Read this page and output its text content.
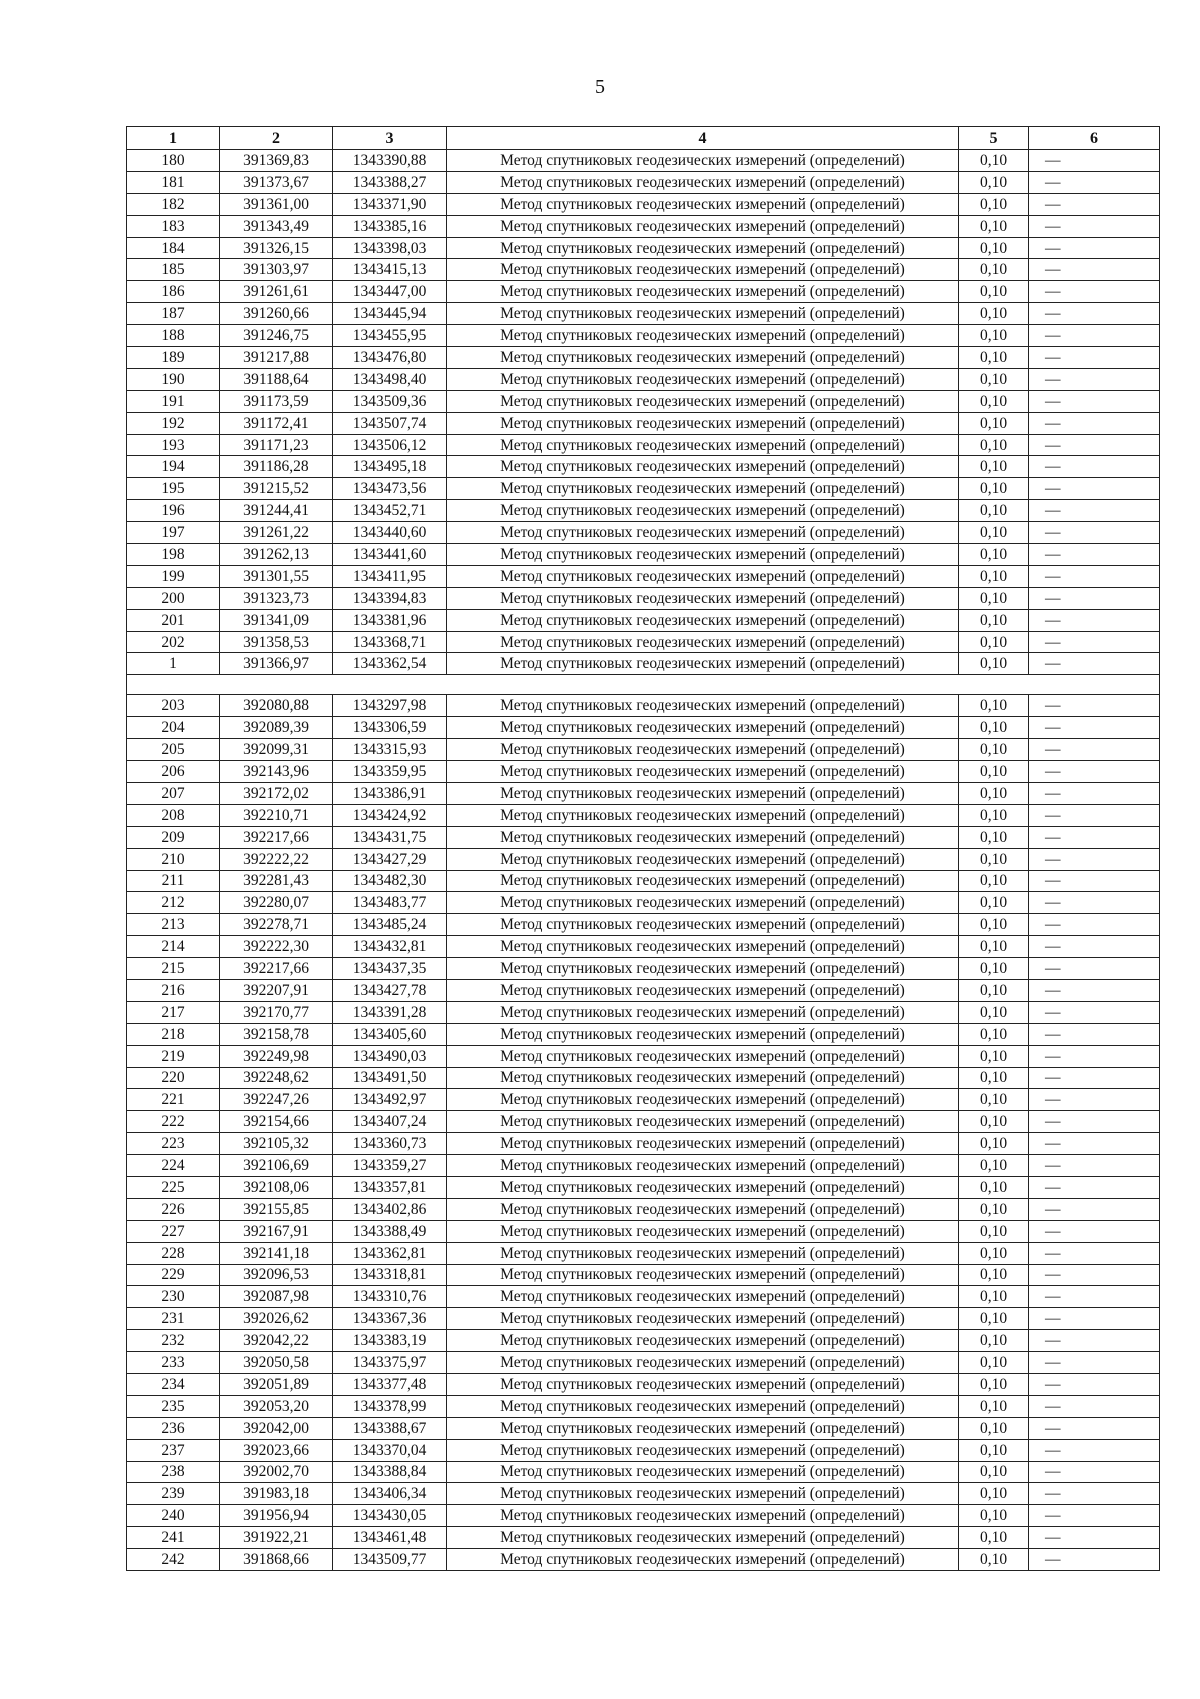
5
1	2	3	4	5	6
180	391369,83	1343390,88	Метод спутниковых геодезических измерений (определений)	0,10	—
181	391373,67	1343388,27	Метод спутниковых геодезических измерений (определений)	0,10	—
182	391361,00	1343371,90	Метод спутниковых геодезических измерений (определений)	0,10	—
183	391343,49	1343385,16	Метод спутниковых геодезических измерений (определений)	0,10	—
184	391326,15	1343398,03	Метод спутниковых геодезических измерений (определений)	0,10	—
185	391303,97	1343415,13	Метод спутниковых геодезических измерений (определений)	0,10	—
186	391261,61	1343447,00	Метод спутниковых геодезических измерений (определений)	0,10	—
187	391260,66	1343445,94	Метод спутниковых геодезических измерений (определений)	0,10	—
188	391246,75	1343455,95	Метод спутниковых геодезических измерений (определений)	0,10	—
189	391217,88	1343476,80	Метод спутниковых геодезических измерений (определений)	0,10	—
190	391188,64	1343498,40	Метод спутниковых геодезических измерений (определений)	0,10	—
191	391173,59	1343509,36	Метод спутниковых геодезических измерений (определений)	0,10	—
192	391172,41	1343507,74	Метод спутниковых геодезических измерений (определений)	0,10	—
193	391171,23	1343506,12	Метод спутниковых геодезических измерений (определений)	0,10	—
194	391186,28	1343495,18	Метод спутниковых геодезических измерений (определений)	0,10	—
195	391215,52	1343473,56	Метод спутниковых геодезических измерений (определений)	0,10	—
196	391244,41	1343452,71	Метод спутниковых геодезических измерений (определений)	0,10	—
197	391261,22	1343440,60	Метод спутниковых геодезических измерений (определений)	0,10	—
198	391262,13	1343441,60	Метод спутниковых геодезических измерений (определений)	0,10	—
199	391301,55	1343411,95	Метод спутниковых геодезических измерений (определений)	0,10	—
200	391323,73	1343394,83	Метод спутниковых геодезических измерений (определений)	0,10	—
201	391341,09	1343381,96	Метод спутниковых геодезических измерений (определений)	0,10	—
202	391358,53	1343368,71	Метод спутниковых геодезических измерений (определений)	0,10	—
1	391366,97	1343362,54	Метод спутниковых геодезических измерений (определений)	0,10	—

203	392080,88	1343297,98	Метод спутниковых геодезических измерений (определений)	0,10	—
204	392089,39	1343306,59	Метод спутниковых геодезических измерений (определений)	0,10	—
205	392099,31	1343315,93	Метод спутниковых геодезических измерений (определений)	0,10	—
206	392143,96	1343359,95	Метод спутниковых геодезических измерений (определений)	0,10	—
207	392172,02	1343386,91	Метод спутниковых геодезических измерений (определений)	0,10	—
208	392210,71	1343424,92	Метод спутниковых геодезических измерений (определений)	0,10	—
209	392217,66	1343431,75	Метод спутниковых геодезических измерений (определений)	0,10	—
210	392222,22	1343427,29	Метод спутниковых геодезических измерений (определений)	0,10	—
211	392281,43	1343482,30	Метод спутниковых геодезических измерений (определений)	0,10	—
212	392280,07	1343483,77	Метод спутниковых геодезических измерений (определений)	0,10	—
213	392278,71	1343485,24	Метод спутниковых геодезических измерений (определений)	0,10	—
214	392222,30	1343432,81	Метод спутниковых геодезических измерений (определений)	0,10	—
215	392217,66	1343437,35	Метод спутниковых геодезических измерений (определений)	0,10	—
216	392207,91	1343427,78	Метод спутниковых геодезических измерений (определений)	0,10	—
217	392170,77	1343391,28	Метод спутниковых геодезических измерений (определений)	0,10	—
218	392158,78	1343405,60	Метод спутниковых геодезических измерений (определений)	0,10	—
219	392249,98	1343490,03	Метод спутниковых геодезических измерений (определений)	0,10	—
220	392248,62	1343491,50	Метод спутниковых геодезических измерений (определений)	0,10	—
221	392247,26	1343492,97	Метод спутниковых геодезических измерений (определений)	0,10	—
222	392154,66	1343407,24	Метод спутниковых геодезических измерений (определений)	0,10	—
223	392105,32	1343360,73	Метод спутниковых геодезических измерений (определений)	0,10	—
224	392106,69	1343359,27	Метод спутниковых геодезических измерений (определений)	0,10	—
225	392108,06	1343357,81	Метод спутниковых геодезических измерений (определений)	0,10	—
226	392155,85	1343402,86	Метод спутниковых геодезических измерений (определений)	0,10	—
227	392167,91	1343388,49	Метод спутниковых геодезических измерений (определений)	0,10	—
228	392141,18	1343362,81	Метод спутниковых геодезических измерений (определений)	0,10	—
229	392096,53	1343318,81	Метод спутниковых геодезических измерений (определений)	0,10	—
230	392087,98	1343310,76	Метод спутниковых геодезических измерений (определений)	0,10	—
231	392026,62	1343367,36	Метод спутниковых геодезических измерений (определений)	0,10	—
232	392042,22	1343383,19	Метод спутниковых геодезических измерений (определений)	0,10	—
233	392050,58	1343375,97	Метод спутниковых геодезических измерений (определений)	0,10	—
234	392051,89	1343377,48	Метод спутниковых геодезических измерений (определений)	0,10	—
235	392053,20	1343378,99	Метод спутниковых геодезических измерений (определений)	0,10	—
236	392042,00	1343388,67	Метод спутниковых геодезических измерений (определений)	0,10	—
237	392023,66	1343370,04	Метод спутниковых геодезических измерений (определений)	0,10	—
238	392002,70	1343388,84	Метод спутниковых геодезических измерений (определений)	0,10	—
239	391983,18	1343406,34	Метод спутниковых геодезических измерений (определений)	0,10	—
240	391956,94	1343430,05	Метод спутниковых геодезических измерений (определений)	0,10	—
241	391922,21	1343461,48	Метод спутниковых геодезических измерений (определений)	0,10	—
242	391868,66	1343509,77	Метод спутниковых геодезических измерений (определений)	0,10	—
